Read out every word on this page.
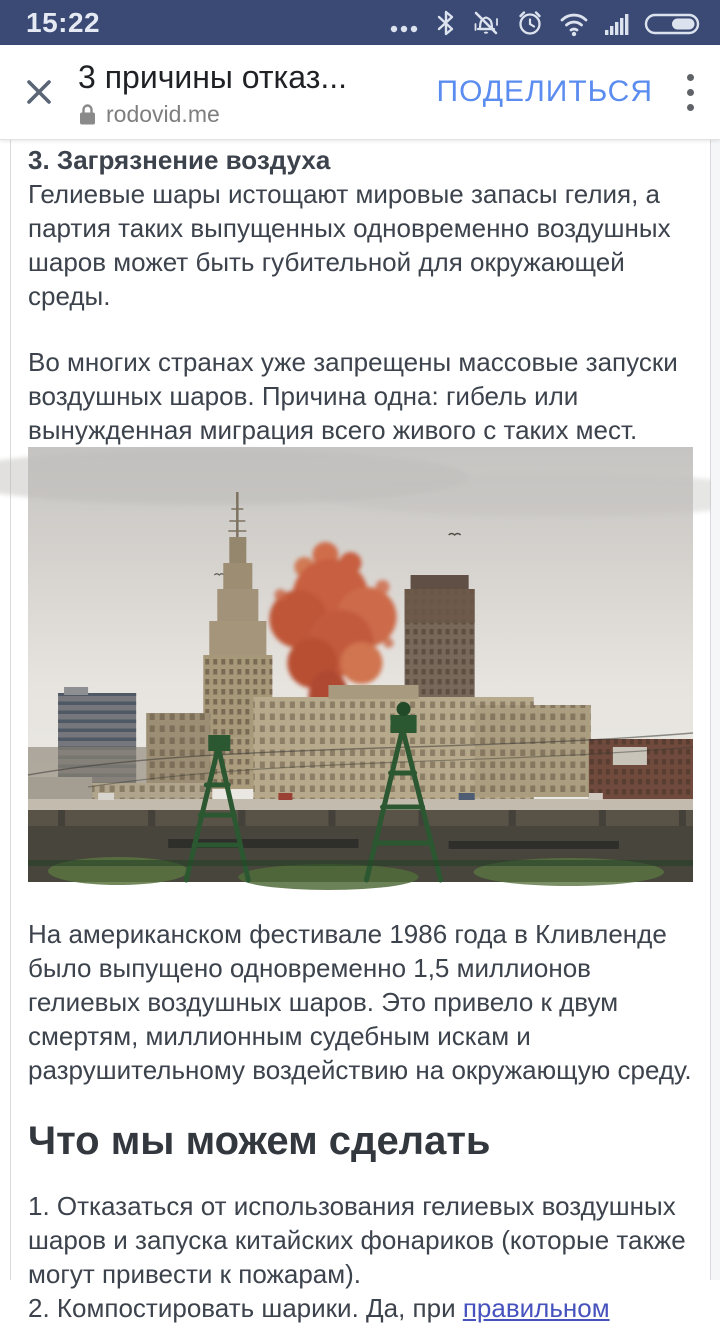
15:22
3 причины отказ...
rodovid.me
ПОДЕЛИТЬСЯ

3. Загрязнение воздуха

Гелиевые шары истощают мировые запасы гелия, а партия таких выпущенных одновременно воздушных шаров может быть губительной для окружающей среды.

Во многих странах уже запрещены массовые запуски воздушных шаров. Причина одна: гибель или вынужденная миграция всего живого с таких мест.

На американском фестивале 1986 года в Кливленде было выпущено одновременно 1,5 миллионов гелиевых воздушных шаров. Это привело к двум смертям, миллионным судебным искам и разрушительному воздействию на окружающую среду.

Что мы можем сделать

1. Отказаться от использования гелиевых воздушных шаров и запуска китайских фонариков (которые также могут привести к пожарам).

2. Компостировать шарики. Да, при правильном
